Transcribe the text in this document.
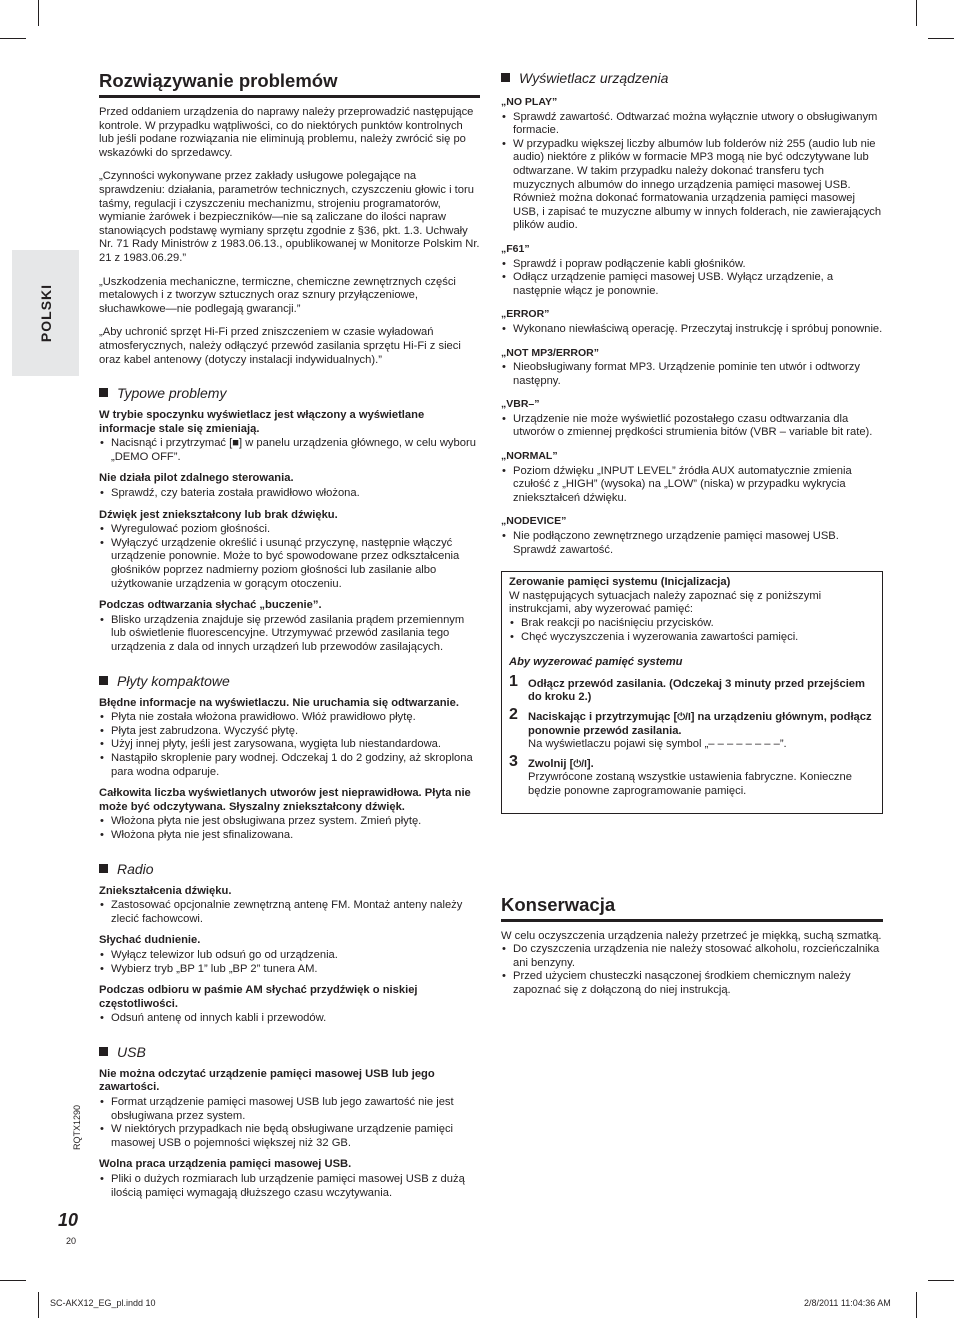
POLSKI
Rozwiązywanie problemów

Przed oddaniem urządzenia do naprawy należy przeprowadzić następujące kontrole. W przypadku wątpliwości, co do niektórych punktów kontrolnych lub jeśli podane rozwiązania nie eliminują problemu, należy zwrócić się po wskazówki do sprzedawcy.

„Czynności wykonywane przez zakłady usługowe polegające na sprawdzeniu: działania, parametrów technicznych, czyszczeniu głowic i toru taśmy, regulacji i czyszczeniu mechanizmu, strojeniu programatorów, wymianie żarówek i bezpieczników—nie są zaliczane do ilości napraw stanowiących podstawę wymiany sprzętu zgodnie z §36, pkt. 1.3. Uchwały Nr. 71 Rady Ministrów z 1983.06.13., opublikowanej w Monitorze Polskim Nr. 21 z 1983.06.29.”

„Uszkodzenia mechaniczne, termiczne, chemiczne zewnętrznych części metalowych i z tworzyw sztucznych oraz sznury przyłączeniowe, słuchawkowe—nie podlegają gwarancji.”

„Aby uchronić sprzęt Hi-Fi przed zniszczeniem w czasie wyładowań atmosferycznych, należy odłączyć przewód zasilania sprzętu Hi-Fi z sieci oraz kabel antenowy (dotyczy instalacji indywidualnych).”

Typowe problemy
W trybie spoczynku wyświetlacz jest włączony a wyświetlane informacje stale się zmieniają.
• Nacisnąć i przytrzymać [■] w panelu urządzenia głównego, w celu wyboru „DEMO OFF”.
Nie działa pilot zdalnego sterowania.
• Sprawdź, czy bateria została prawidłowo włożona.
Dźwięk jest zniekształcony lub brak dźwięku.
• Wyregulować poziom głośności.
• Wyłączyć urządzenie określić i usunąć przyczynę, następnie włączyć urządzenie ponownie. Może to być spowodowane przez odkształcenia głośników poprzez nadmierny poziom głośności lub zasilanie albo użytkowanie urządzenia w gorącym otoczeniu.
Podczas odtwarzania słychać „buczenie”.
• Blisko urządzenia znajduje się przewód zasilania prądem przemiennym lub oświetlenie fluorescencyjne. Utrzymywać przewód zasilania tego urządzenia z dala od innych urządzeń lub przewodów zasilających.
Płyty kompaktowe
Błędne informacje na wyświetlaczu. Nie uruchamia się odtwarzanie.
• Płyta nie została włożona prawidłowo. Włóż prawidłowo płytę.
• Płyta jest zabrudzona. Wyczyść płytę.
• Użyj innej płyty, jeśli jest zarysowana, wygięta lub niestandardowa.
• Nastąpiło skroplenie pary wodnej. Odczekaj 1 do 2 godziny, aż skroplona para wodna odparuje.
Całkowita liczba wyświetlanych utworów jest nieprawidłowa. Płyta nie może być odczytywana. Słyszalny zniekształcony dźwięk.
• Włożona płyta nie jest obsługiwana przez system. Zmień płytę.
• Włożona płyta nie jest sfinalizowana.
Radio
Zniekształcenia dźwięku.
• Zastosować opcjonalnie zewnętrzną antenę FM. Montaż anteny należy zlecić fachowcowi.
Słychać dudnienie.
• Wyłącz telewizor lub odsuń go od urządzenia.
• Wybierz tryb „BP 1” lub „BP 2” tunera AM.
Podczas odbioru w paśmie AM słychać przydźwięk o niskiej częstotliwości.
• Odsuń antenę od innych kabli i przewodów.
USB
Nie można odczytać urządzenie pamięci masowej USB lub jego zawartości.
• Format urządzenie pamięci masowej USB lub jego zawartość nie jest obsługiwana przez system.
• W niektórych przypadkach nie będą obsługiwane urządzenie pamięci masowej USB o pojemności większej niż 32 GB.
Wolna praca urządzenia pamięci masowej USB.
• Pliki o dużych rozmiarach lub urządzenie pamięci masowej USB z dużą ilością pamięci wymagają dłuższego czasu wczytywania.
Wyświetlacz urządzenia
„NO PLAY”
• Sprawdź zawartość. Odtwarzać można wyłącznie utwory o obsługiwanym formacie.
• W przypadku większej liczby albumów lub folderów niż 255 (audio lub nie audio) niektóre z plików w formacie MP3 mogą nie być odczytywane lub odtwarzane. W takim przypadku należy dokonać transferu tych muzycznych albumów do innego urządzenia pamięci masowej USB. Również można dokonać formatowania urządzenia pamięci masowej USB, i zapisać te muzyczne albumy w innych folderach, nie zawierających plików audio.
„F61”
• Sprawdź i popraw podłączenie kabli głośników.
• Odłącz urządzenie pamięci masowej USB. Wyłącz urządzenie, a następnie włącz je ponownie.
„ERROR”
• Wykonano niewłaściwą operację. Przeczytaj instrukcję i spróbuj ponownie.
„NOT MP3/ERROR”
• Nieobsługiwany format MP3. Urządzenie pominie ten utwór i odtworzy następny.
„VBR–”
• Urządzenie nie może wyświetlić pozostałego czasu odtwarzania dla utworów o zmiennej prędkości strumienia bitów (VBR – variable bit rate).
„NORMAL”
• Poziom dźwięku „INPUT LEVEL” źródła AUX automatycznie zmienia czułość z „HIGH” (wysoka) na „LOW” (niska) w przypadku wykrycia zniekształceń dźwięku.
„NODEVICE”
• Nie podłączono zewnętrznego urządzenie pamięci masowej USB. Sprawdź zawartość.
Zerowanie pamięci systemu (Inicjalizacja)
W następujących sytuacjach należy zapoznać się z poniższymi instrukcjami, aby wyzerować pamięć:
• Brak reakcji po naciśnięciu przycisków.
• Chęć wyczyszczenia i wyzerowania zawartości pamięci.
Aby wyzerować pamięć systemu
1 Odłącz przewód zasilania. (Odczekaj 3 minuty przed przejściem do kroku 2.)
2 Naciskając i przytrzymując [⏻/I] na urządzeniu głównym, podłącz ponownie przewód zasilania.
Na wyświetlaczu pojawi się symbol „– – – – – – – –”.
3 Zwolnij [⏻/I].
Przywrócone zostaną wszystkie ustawienia fabryczne. Konieczne będzie ponowne zaprogramowanie pamięci.
Konserwacja
W celu oczyszczenia urządzenia należy przetrzeć je miękką, suchą szmatką.
• Do czyszczenia urządzenia nie należy stosować alkoholu, rozcieńczalnika ani benzyny.
• Przed użyciem chusteczki nasączonej środkiem chemicznym należy zapoznać się z dołączoną do niej instrukcją.
RQTX1290
10
20
SC-AKX12_EG_pl.indd 10	2/8/2011 11:04:36 AM
